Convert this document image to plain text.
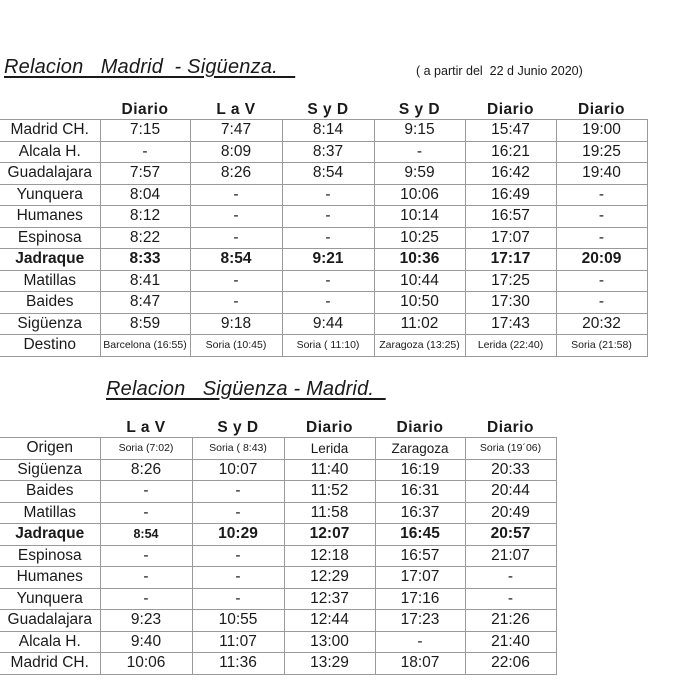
Relacion   Madrid  - Sigüenza.	( a partir del  22 d Junio 2020)
	Diario	L a V	S y D	S y D	Diario	Diario
Madrid CH.	7:15	7:47	8:14	9:15	15:47	19:00
Alcala H.	-	8:09	8:37	-	16:21	19:25
Guadalajara	7:57	8:26	8:54	9:59	16:42	19:40
Yunquera	8:04	-	-	10:06	16:49	-
Humanes	8:12	-	-	10:14	16:57	-
Espinosa	8:22	-	-	10:25	17:07	-
Jadraque	8:33	8:54	9:21	10:36	17:17	20:09
Matillas	8:41	-	-	10:44	17:25	-
Baides	8:47	-	-	10:50	17:30	-
Sigüenza	8:59	9:18	9:44	11:02	17:43	20:32
Destino	Barcelona (16:55)	Soria (10:45)	Soria ( 11:10)	Zaragoza (13:25)	Lerida (22:40)	Soria (21:58)
Relacion   Sigüenza - Madrid.
	L a V	S y D	Diario	Diario	Diario
Origen	Soria (7:02)	Soria ( 8:43)	Lerida	Zaragoza	Soria (19´06)
Sigüenza	8:26	10:07	11:40	16:19	20:33
Baides	-	-	11:52	16:31	20:44
Matillas	-	-	11:58	16:37	20:49
Jadraque	8:54	10:29	12:07	16:45	20:57
Espinosa	-	-	12:18	16:57	21:07
Humanes	-	-	12:29	17:07	-
Yunquera	-	-	12:37	17:16	-
Guadalajara	9:23	10:55	12:44	17:23	21:26
Alcala H.	9:40	11:07	13:00	-	21:40
Madrid CH.	10:06	11:36	13:29	18:07	22:06
